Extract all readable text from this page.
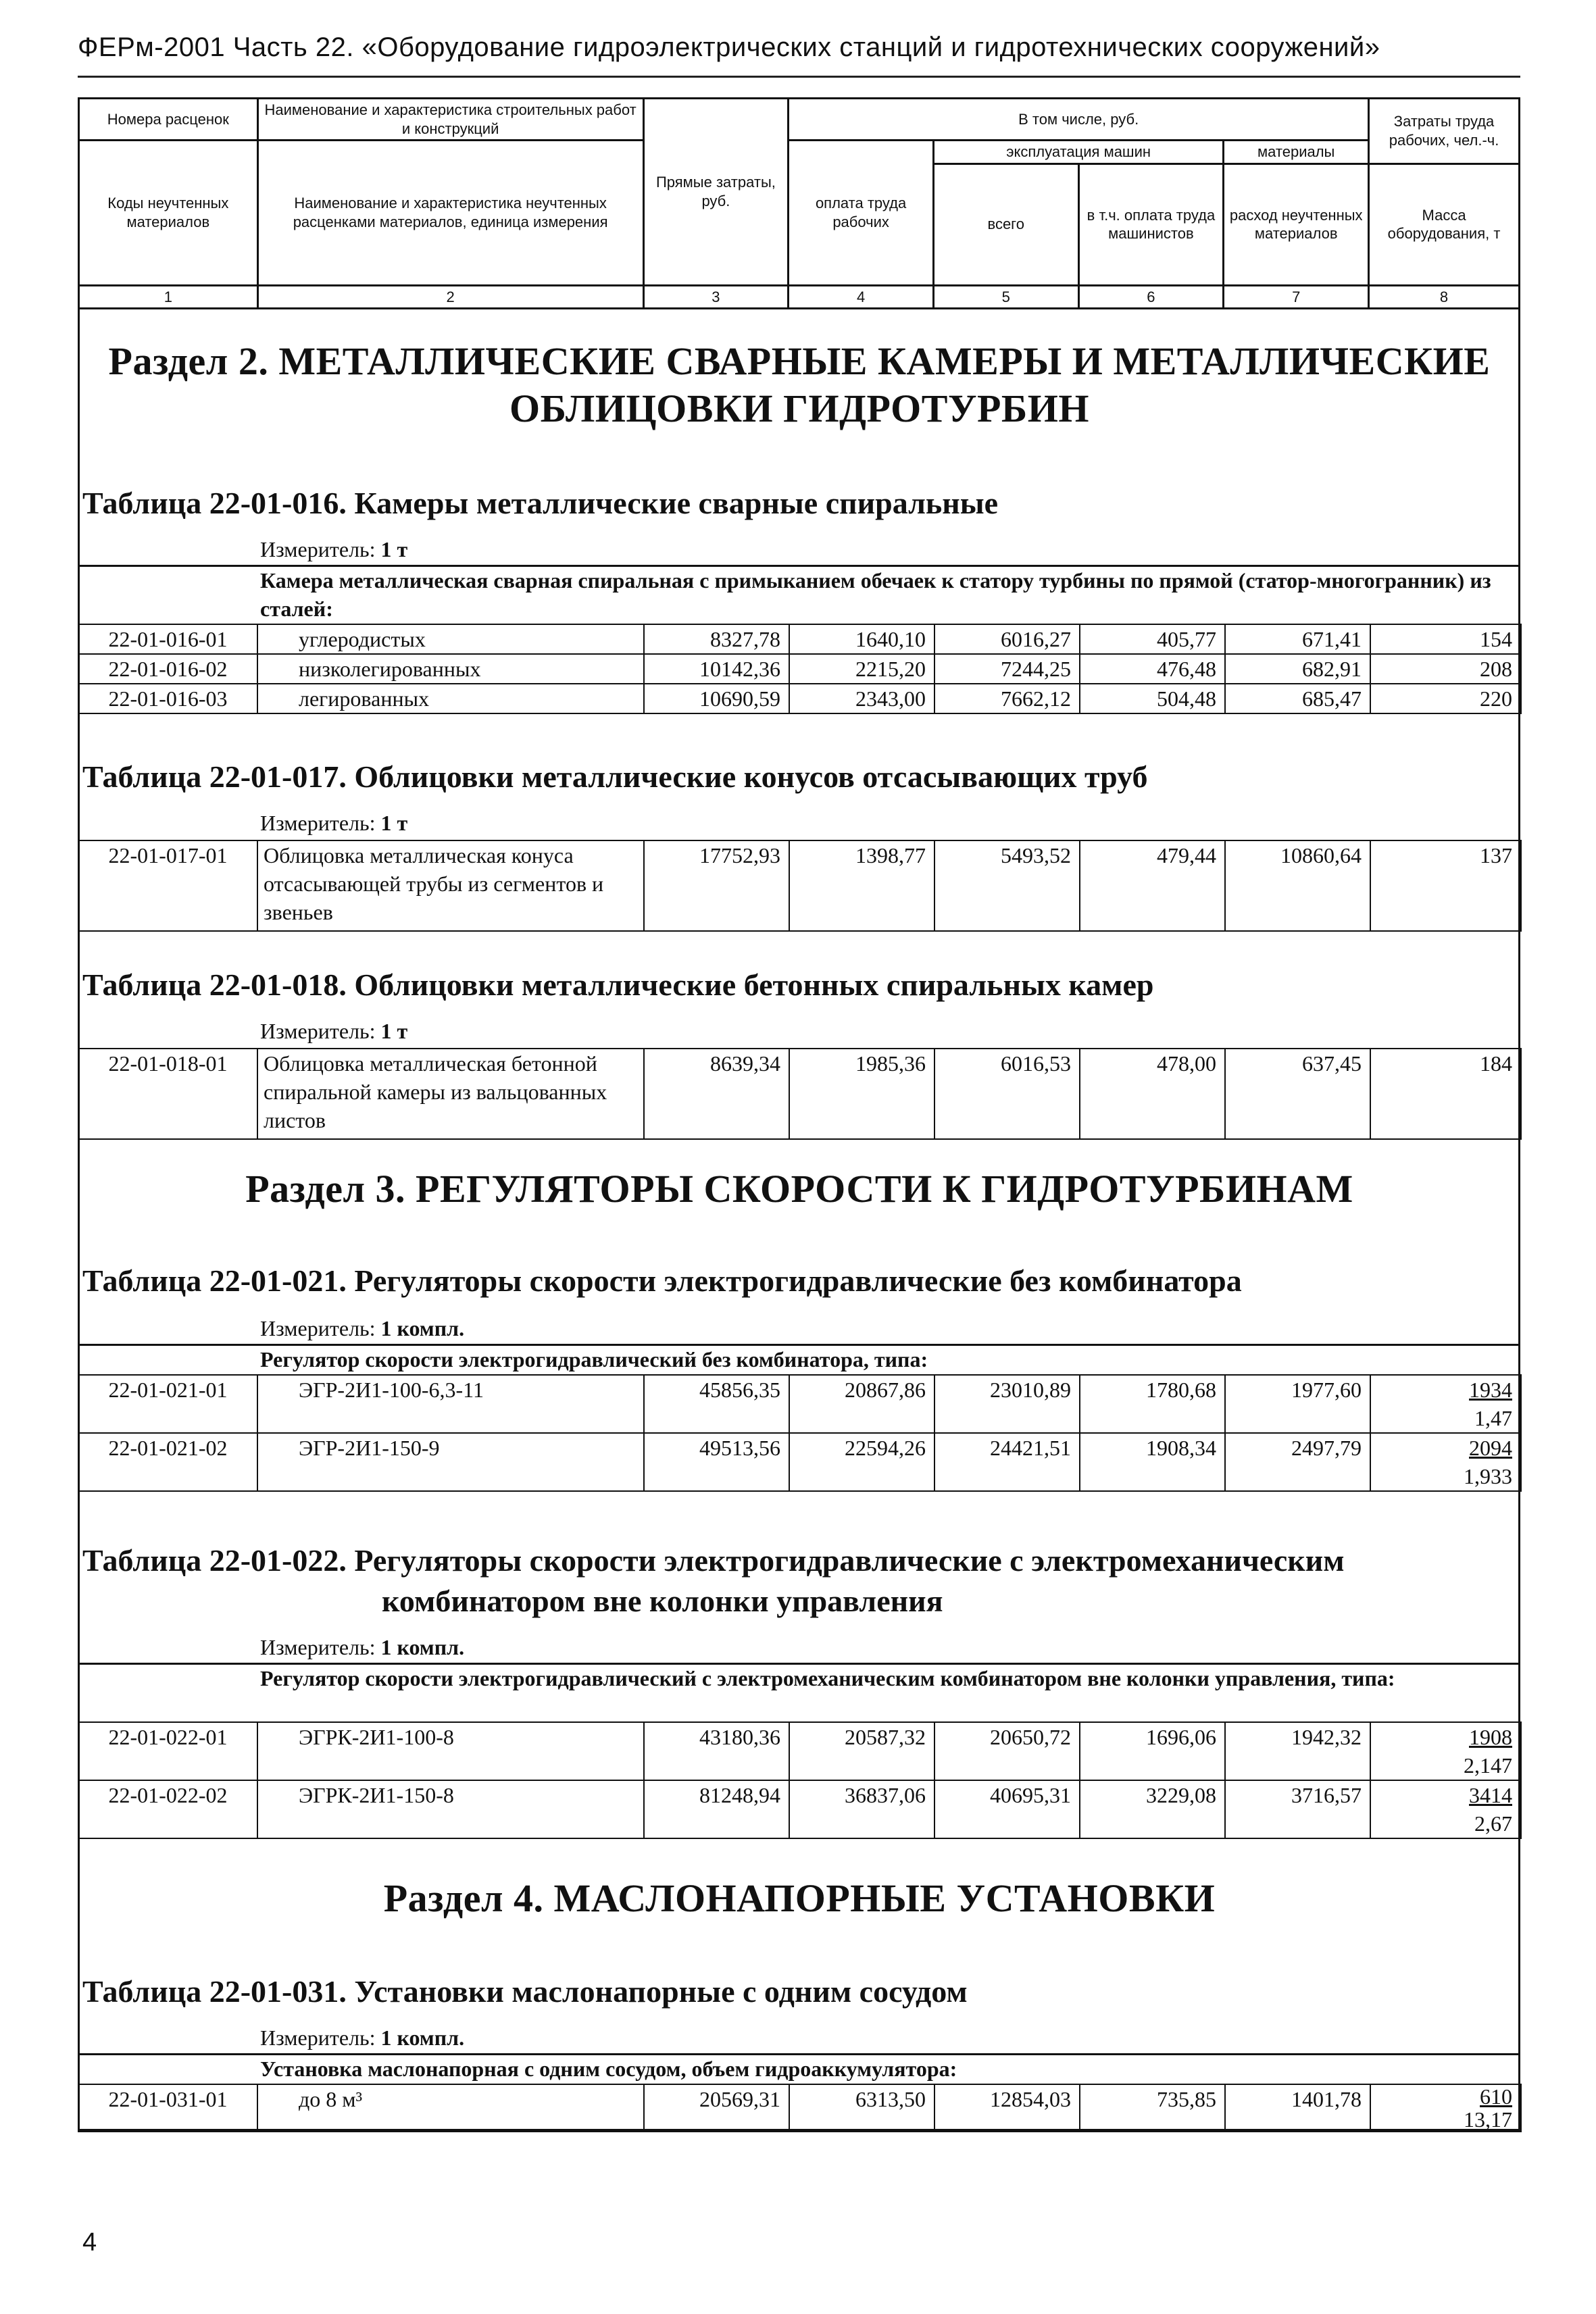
ФЕРм-2001 Часть 22. «Оборудование гидроэлектрических станций и гидротехнических сооружений»
Номера расценок	Наименование и характеристика строительных работ и конструкций	Прямые затраты, руб.	В том числе, руб.				Затраты труда рабочих, чел.-ч.
Коды неучтенных материалов	Наименование и характеристика неучтенных расценками материалов, единица измерения		оплата труда рабочих	эксплуатация машин		материалы	
				всего	в т.ч. оплата труда машинистов	расход неучтенных материалов	Масса оборудования, т
1	2	3	4	5	6	7	8
Раздел 2. МЕТАЛЛИЧЕСКИЕ СВАРНЫЕ КАМЕРЫ И МЕТАЛЛИЧЕСКИЕ
ОБЛИЦОВКИ ГИДРОТУРБИН
Таблица 22-01-016. Камеры металлические сварные спиральные
Измеритель: 1 т
Камера металлическая сварная спиральная с примыканием обечаек к статору турбины по прямой (статор-многогранник) из сталей:
22-01-016-01	углеродистых	8327,78	1640,10	6016,27	405,77	671,41	154
22-01-016-02	низколегированных	10142,36	2215,20	7244,25	476,48	682,91	208
22-01-016-03	легированных	10690,59	2343,00	7662,12	504,48	685,47	220
Таблица 22-01-017. Облицовки металлические конусов отсасывающих труб
Измеритель: 1 т
22-01-017-01	Облицовка металлическая конуса отсасывающей трубы из сегментов и звеньев	17752,93	1398,77	5493,52	479,44	10860,64	137
Таблица 22-01-018. Облицовки металлические бетонных спиральных камер
Измеритель: 1 т
22-01-018-01	Облицовка металлическая бетонной спиральной камеры из вальцованных листов	8639,34	1985,36	6016,53	478,00	637,45	184
Раздел 3. РЕГУЛЯТОРЫ СКОРОСТИ К ГИДРОТУРБИНАМ
Таблица 22-01-021. Регуляторы скорости электрогидравлические без комбинатора
Измеритель: 1 компл.
Регулятор скорости электрогидравлический без комбинатора, типа:
22-01-021-01	ЭГР-2И1-100-6,3-11	45856,35	20867,86	23010,89	1780,68	1977,60	1934
1,47

22-01-021-02	ЭГР-2И1-150-9	49513,56	22594,26	24421,51	1908,34	2497,79	2094
1,933
Таблица 22-01-022. Регуляторы скорости электрогидравлические с электромеханическим
комбинатором вне колонки управления
Измеритель: 1 компл.
Регулятор скорости электрогидравлический с электромеханическим комбинатором вне колонки управления, типа:
22-01-022-01	ЭГРК-2И1-100-8	43180,36	20587,32	20650,72	1696,06	1942,32	1908
2,147

22-01-022-02	ЭГРК-2И1-150-8	81248,94	36837,06	40695,31	3229,08	3716,57	3414
2,67
Раздел 4. МАСЛОНАПОРНЫЕ УСТАНОВКИ
Таблица 22-01-031. Установки маслонапорные с одним сосудом
Измеритель: 1 компл.
Установка маслонапорная с одним сосудом, объем гидроаккумулятора:
22-01-031-01	до 8 м³	20569,31	6313,50	12854,03	735,85	1401,78	610
13,17
4
